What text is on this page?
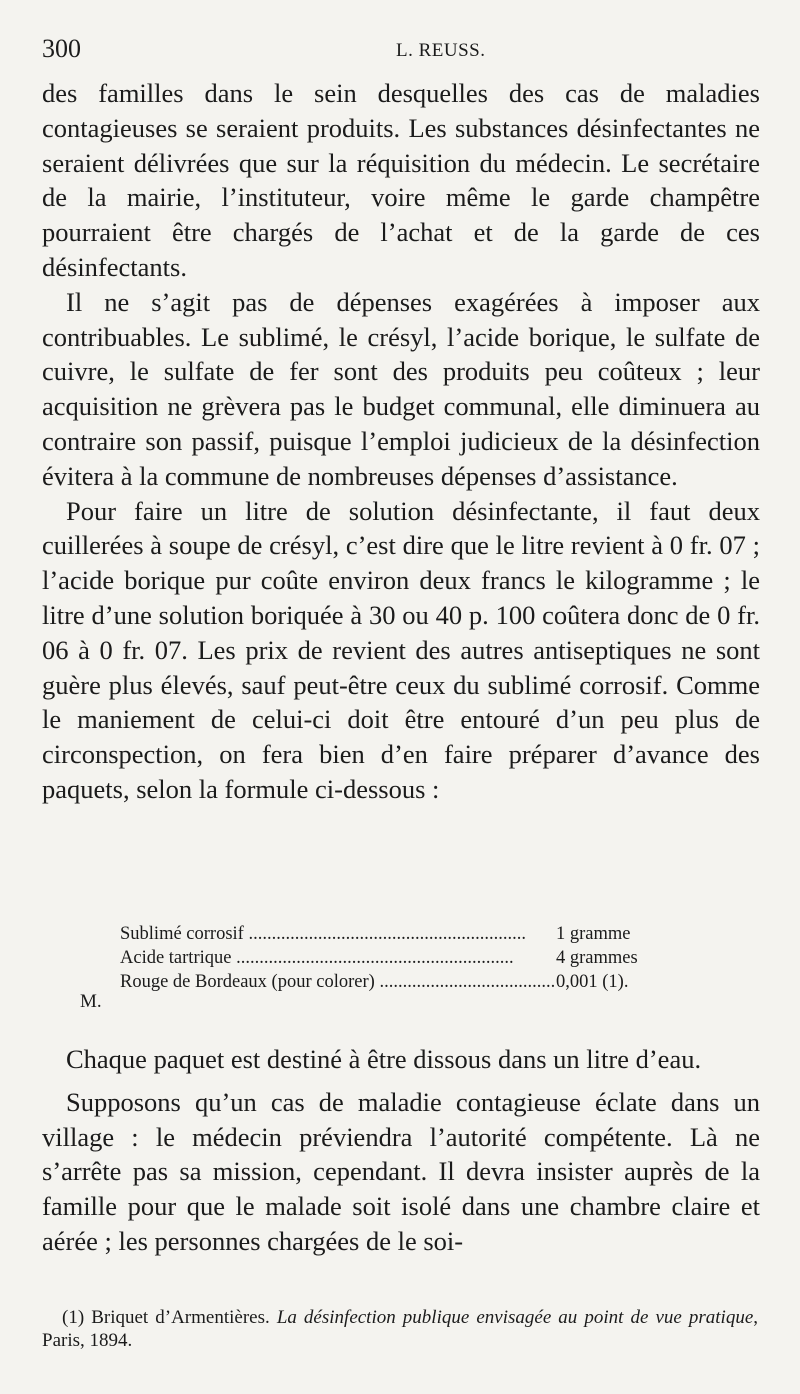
300	L. REUSS.

des familles dans le sein desquelles des cas de maladies contagieuses se seraient produits. Les substances désinfectantes ne seraient délivrées que sur la réquisition du médecin. Le secrétaire de la mairie, l’instituteur, voire même le garde champêtre pourraient être chargés de l’achat et de la garde de ces désinfectants.

Il ne s’agit pas de dépenses exagérées à imposer aux contribuables. Le sublimé, le crésyl, l’acide borique, le sulfate de cuivre, le sulfate de fer sont des produits peu coûteux ; leur acquisition ne grèvera pas le budget communal, elle diminuera au contraire son passif, puisque l’emploi judicieux de la désinfection évitera à la commune de nombreuses dépenses d’assistance.

Pour faire un litre de solution désinfectante, il faut deux cuillerées à soupe de crésyl, c’est dire que le litre revient à 0 fr. 07 ; l’acide borique pur coûte environ deux francs le kilogramme ; le litre d’une solution boriquée à 30 ou 40 p. 100 coûtera donc de 0 fr. 06 à 0 fr. 07. Les prix de revient des autres antiseptiques ne sont guère plus élevés, sauf peut-être ceux du sublimé corrosif. Comme le maniement de celui-ci doit être entouré d’un peu plus de circonspection, on fera bien d’en faire préparer d’avance des paquets, selon la formule ci-dessous :

Sublimé corrosif .....	1 gramme
Acide tartrique .....	4 grammes
Rouge de Bordeaux (pour colorer) .....	0,001 (1).
M.

Chaque paquet est destiné à être dissous dans un litre d’eau.

Supposons qu’un cas de maladie contagieuse éclate dans un village : le médecin préviendra l’autorité compétente. Là ne s’arrête pas sa mission, cependant. Il devra insister auprès de la famille pour que le malade soit isolé dans une chambre claire et aérée ; les personnes chargées de le soi-

(1) Briquet d’Armentières. La désinfection publique envisagée au point de vue pratique, Paris, 1894.
